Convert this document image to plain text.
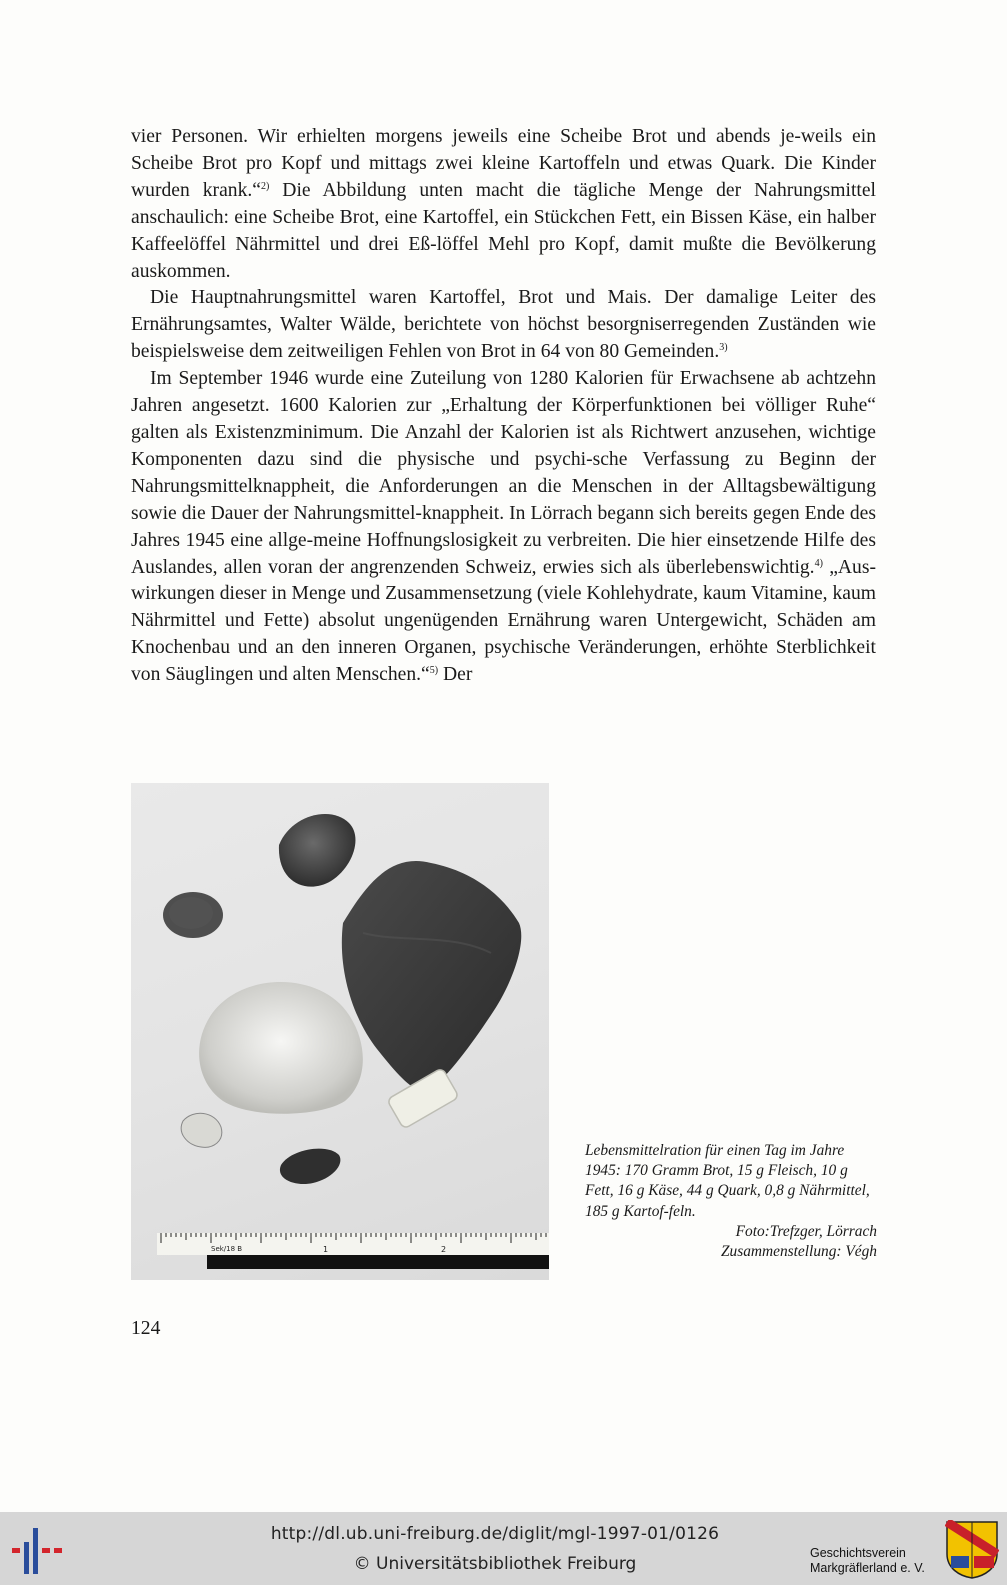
vier Personen. Wir erhielten morgens jeweils eine Scheibe Brot und abends je-weils ein Scheibe Brot pro Kopf und mittags zwei kleine Kartoffeln und etwas Quark. Die Kinder wurden krank.“$^{2)}$ Die Abbildung unten macht die tägliche Menge der Nahrungsmittel anschaulich: eine Scheibe Brot, eine Kartoffel, ein Stückchen Fett, ein Bissen Käse, ein halber Kaffeelöffel Nährmittel und drei Eß-löffel Mehl pro Kopf, damit mußte die Bevölkerung auskommen.

Die Hauptnahrungsmittel waren Kartoffel, Brot und Mais. Der damalige Leiter des Ernährungsamtes, Walter Wälde, berichtete von höchst besorgniserregenden Zuständen wie beispielsweise dem zeitweiligen Fehlen von Brot in 64 von 80 Gemeinden.$^{3)}$

Im September 1946 wurde eine Zuteilung von 1280 Kalorien für Erwachsene ab achtzehn Jahren angesetzt. 1600 Kalorien zur „Erhaltung der Körperfunktionen bei völliger Ruhe“ galten als Existenzminimum. Die Anzahl der Kalorien ist als Richtwert anzusehen, wichtige Komponenten dazu sind die physische und psychi-sche Verfassung zu Beginn der Nahrungsmittelknappheit, die Anforderungen an die Menschen in der Alltagsbewältigung sowie die Dauer der Nahrungsmittel-knappheit. In Lörrach begann sich bereits gegen Ende des Jahres 1945 eine allge-meine Hoffnungslosigkeit zu verbreiten. Die hier einsetzende Hilfe des Auslandes, allen voran der angrenzenden Schweiz, erwies sich als überlebenswichtig.$^{4)}$ „Aus-wirkungen dieser in Menge und Zusammensetzung (viele Kohlehydrate, kaum Vitamine, kaum Nährmittel und Fette) absolut ungenügenden Ernährung waren Untergewicht, Schäden am Knochenbau und an den inneren Organen, psychische Veränderungen, erhöhte Sterblichkeit von Säuglingen und alten Menschen.“$^{5)}$ Der

Sek/18 B	1	2
Lebensmittelration für einen Tag im Jahre 1945: 170 Gramm Brot, 15 g Fleisch, 10 g Fett, 16 g Käse, 44 g Quark, 0,8 g Nährmittel, 185 g Kartof-feln.
Foto:Trefzger, Lörrach
Zusammenstellung: Végh
124
http://dl.ub.uni-freiburg.de/diglit/mgl-1997-01/0126
© Universitätsbibliothek Freiburg
Geschichtsverein
Markgräflerland e. V.
